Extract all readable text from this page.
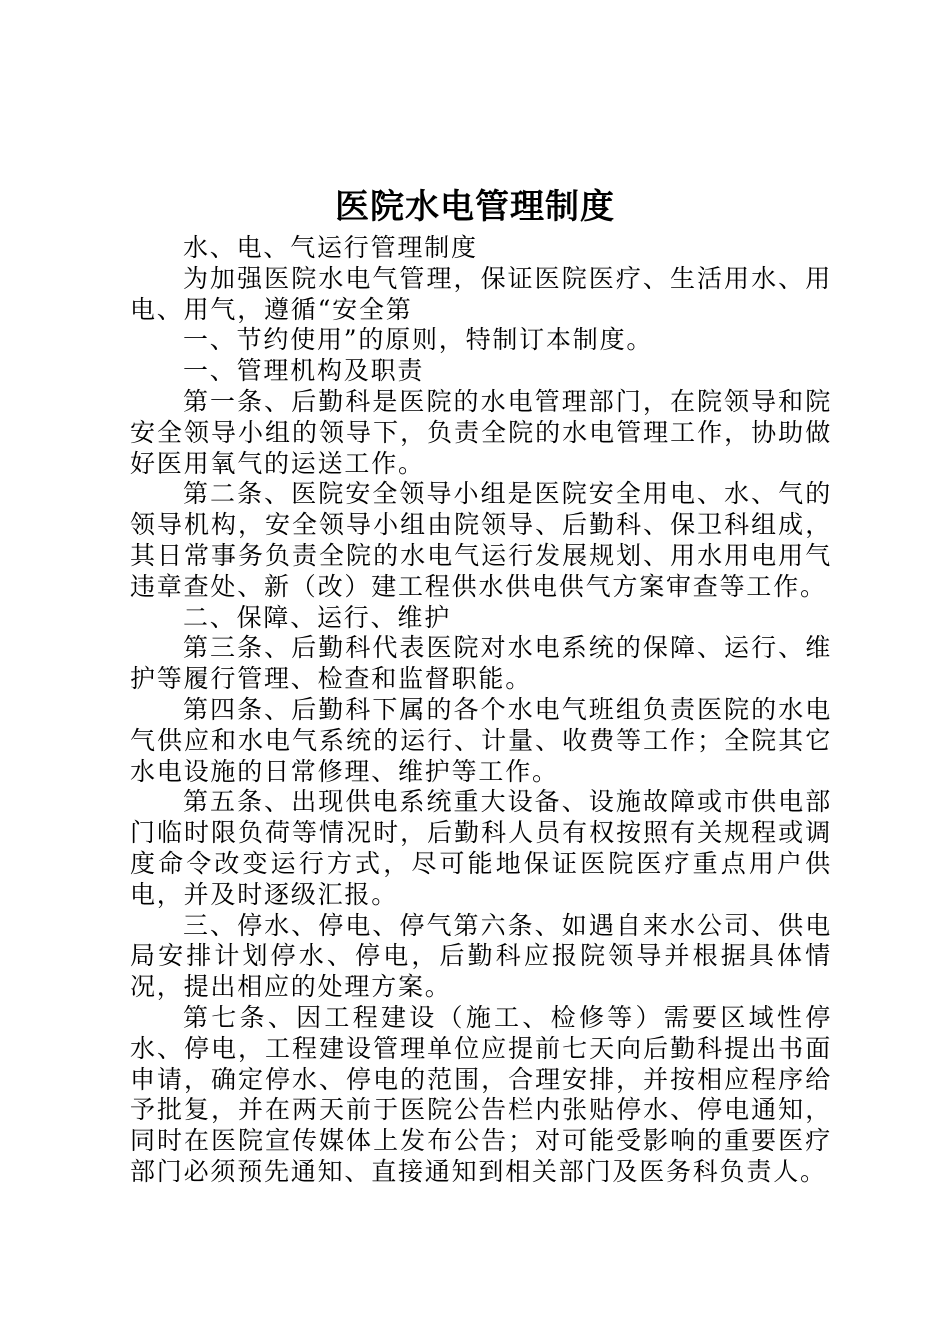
医院水电管理制度

水、电、气运行管理制度

为加强医院水电气管理，保证医院医疗、生活用水、用电、用气，遵循“安全第

一、节约使用”的原则，特制订本制度。

一、管理机构及职责

第一条、后勤科是医院的水电管理部门，在院领导和院安全领导小组的领导下，负责全院的水电管理工作，协助做好医用氧气的运送工作。

第二条、医院安全领导小组是医院安全用电、水、气的领导机构，安全领导小组由院领导、后勤科、保卫科组成，其日常事务负责全院的水电气运行发展规划、用水用电用气违章查处、新（改）建工程供水供电供气方案审查等工作。

二、保障、运行、维护

第三条、后勤科代表医院对水电系统的保障、运行、维护等履行管理、检查和监督职能。

第四条、后勤科下属的各个水电气班组负责医院的水电气供应和水电气系统的运行、计量、收费等工作；全院其它水电设施的日常修理、维护等工作。

第五条、出现供电系统重大设备、设施故障或市供电部门临时限负荷等情况时，后勤科人员有权按照有关规程或调度命令改变运行方式，尽可能地保证医院医疗重点用户供电，并及时逐级汇报。

三、停水、停电、停气第六条、如遇自来水公司、供电局安排计划停水、停电，后勤科应报院领导并根据具体情况，提出相应的处理方案。

第七条、因工程建设（施工、检修等）需要区域性停水、停电，工程建设管理单位应提前七天向后勤科提出书面申请，确定停水、停电的范围，合理安排，并按相应程序给予批复，并在两天前于医院公告栏内张贴停水、停电通知，同时在医院宣传媒体上发布公告；对可能受影响的重要医疗部门必须预先通知、直接通知到相关部门及医务科负责人。
